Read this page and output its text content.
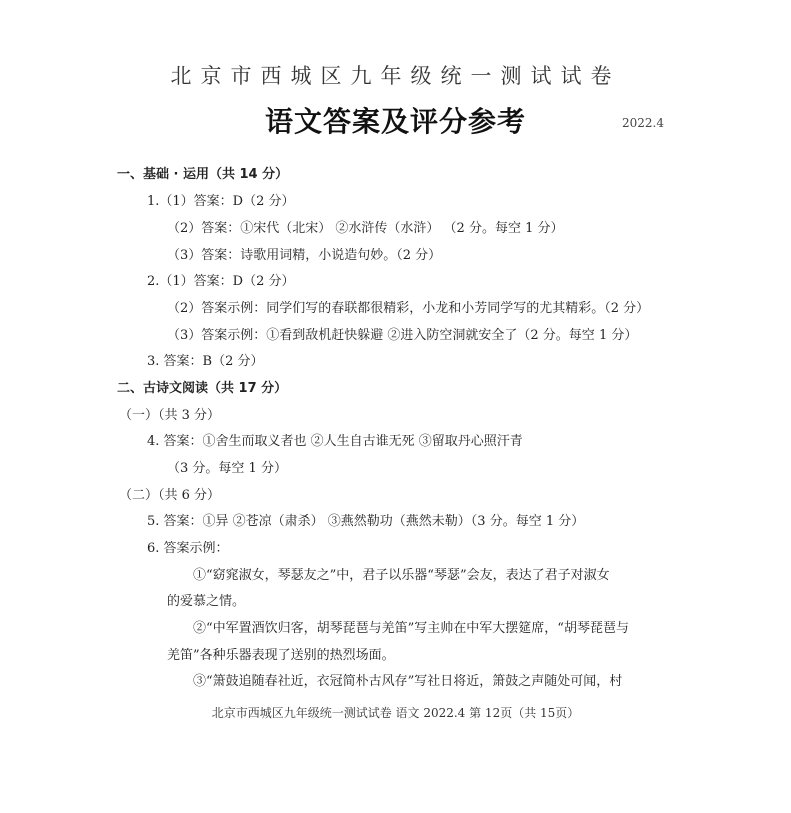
北京市西城区九年级统一测试试卷
语文答案及评分参考	2022.4
一、基础 · 运用（共 14 分）
1.（1）答案：D（2 分）
（2）答案：①宋代（北宋） ②水浒传（水浒） （2 分。每空 1 分）
（3）答案：诗歌用词精，小说造句妙。（2 分）
2.（1）答案：D（2 分）
（2）答案示例：同学们写的春联都很精彩，小龙和小芳同学写的尤其精彩。（2 分）
（3）答案示例：①看到敌机赶快躲避 ②进入防空洞就安全了（2 分。每空 1 分）
3. 答案：B（2 分）
二、古诗文阅读（共 17 分）
（一）（共 3 分）
4. 答案：①舍生而取义者也 ②人生自古谁无死 ③留取丹心照汗青
（3 分。每空 1 分）
（二）（共 6 分）
5. 答案：①异 ②苍凉（肃杀） ③燕然勒功（燕然未勒）（3 分。每空 1 分）
6. 答案示例：
①“窈窕淑女，琴瑟友之”中，君子以乐器“琴瑟”会友，表达了君子对淑女
的爱慕之情。
②“中军置酒饮归客，胡琴琵琶与羌笛”写主帅在中军大摆筵席，“胡琴琵琶与
羌笛”各种乐器表现了送别的热烈场面。
③“箫鼓追随春社近，衣冠简朴古风存”写社日将近，箫鼓之声随处可闻，村
北京市西城区九年级统一测试试卷 语文 2022.4 第 12页（共 15页）
